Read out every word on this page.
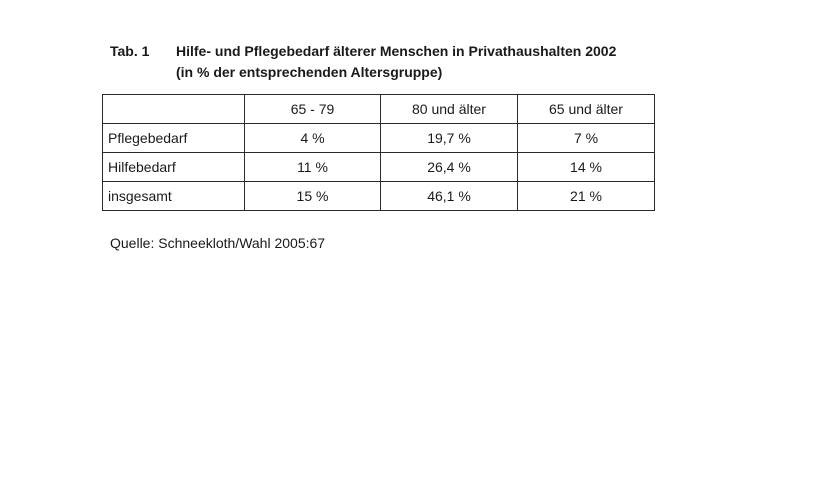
Tab. 1	Hilfe- und Pflegebedarf älterer Menschen in Privathaushalten 2002
(in % der entsprechenden Altersgruppe)
	65 - 79	80 und älter	65 und älter
Pflegebedarf	4 %	19,7 %	7 %
Hilfebedarf	11 %	26,4 %	14 %
insgesamt	15 %	46,1 %	21 %
Quelle: Schneekloth/Wahl 2005:67
